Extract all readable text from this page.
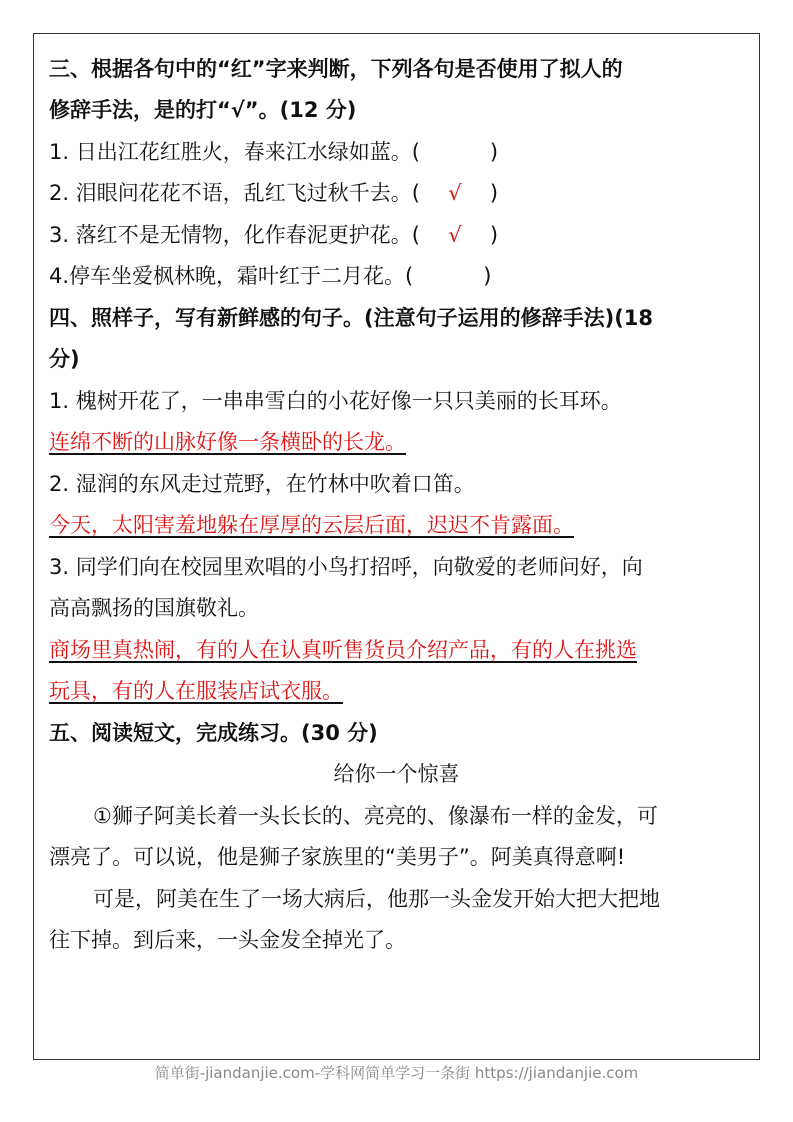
三、根据各句中的“红”字来判断，下列各句是否使用了拟人的
修辞手法，是的打“√”。(12 分)
1. 日出江花红胜火，春来江水绿如蓝。(	)
2. 泪眼问花花不语，乱红飞过秋千去。( √ )
3. 落红不是无情物，化作春泥更护花。( √ )
4.停车坐爱枫林晚，霜叶红于二月花。(	)
四、照样子，写有新鲜感的句子。(注意句子运用的修辞手法)(18
分)
1. 槐树开花了，一串串雪白的小花好像一只只美丽的长耳环。
连绵不断的山脉好像一条横卧的长龙。
2. 湿润的东风走过荒野，在竹林中吹着口笛。
今天，太阳害羞地躲在厚厚的云层后面，迟迟不肯露面。
3. 同学们向在校园里欢唱的小鸟打招呼，向敬爱的老师问好，向
高高飘扬的国旗敬礼。
商场里真热闹，有的人在认真听售货员介绍产品，有的人在挑选
玩具，有的人在服装店试衣服。
五、阅读短文，完成练习。(30 分)
给你一个惊喜
①狮子阿美长着一头长长的、亮亮的、像瀑布一样的金发，可
漂亮了。可以说，他是狮子家族里的“美男子”。阿美真得意啊!
可是，阿美在生了一场大病后，他那一头金发开始大把大把地
往下掉。到后来，一头金发全掉光了。
简单街-jiandanjie.com-学科网简单学习一条街 https://jiandanjie.com
